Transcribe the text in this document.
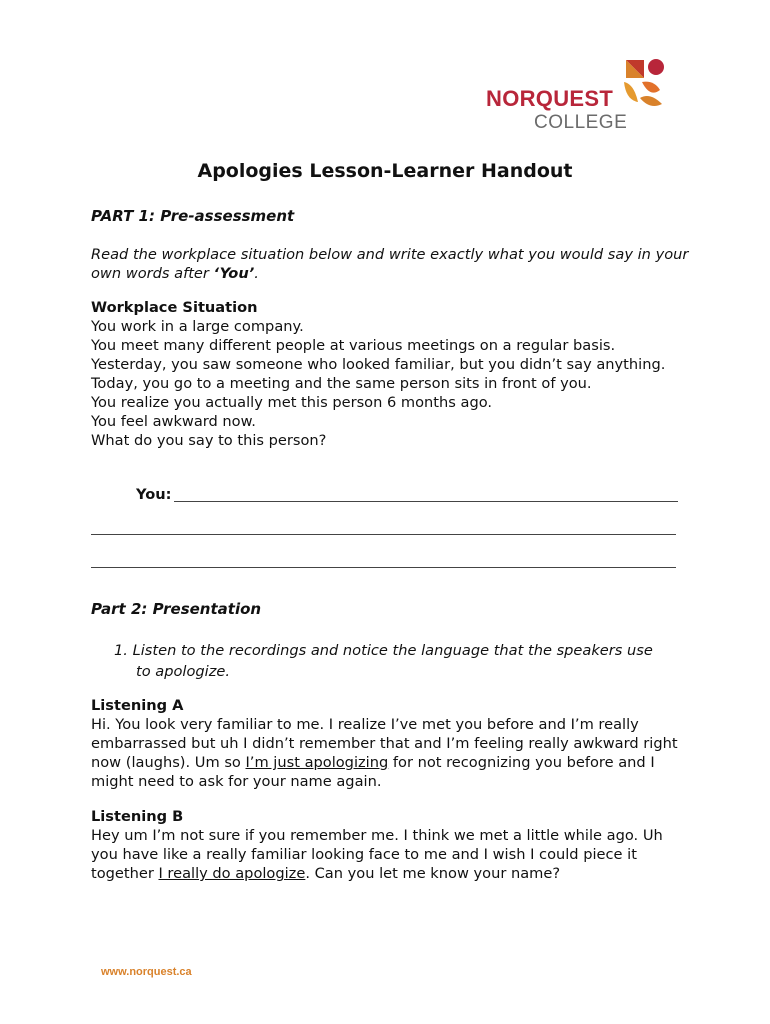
NORQUEST
COLLEGE
Apologies Lesson-Learner Handout
PART 1: Pre-assessment
Read the workplace situation below and write exactly what you would say in your own words after ‘You’.
Workplace Situation
You work in a large company.
You meet many different people at various meetings on a regular basis.
Yesterday, you saw someone who looked familiar, but you didn’t say anything.
Today, you go to a meeting and the same person sits in front of you.
You realize you actually met this person 6 months ago.
You feel awkward now.
What do you say to this person?
You:
Part 2: Presentation
1. Listen to the recordings and notice the language that the speakers use
to apologize.
Listening A
Hi. You look very familiar to me. I realize I’ve met you before and I’m really embarrassed but uh I didn’t remember that and I’m feeling really awkward right now (laughs). Um so I’m just apologizing for not recognizing you before and I might need to ask for your name again.
Listening B
Hey um I’m not sure if you remember me. I think we met a little while ago. Uh you have like a really familiar looking face to me and I wish I could piece it together I really do apologize. Can you let me know your name?
www.norquest.ca
